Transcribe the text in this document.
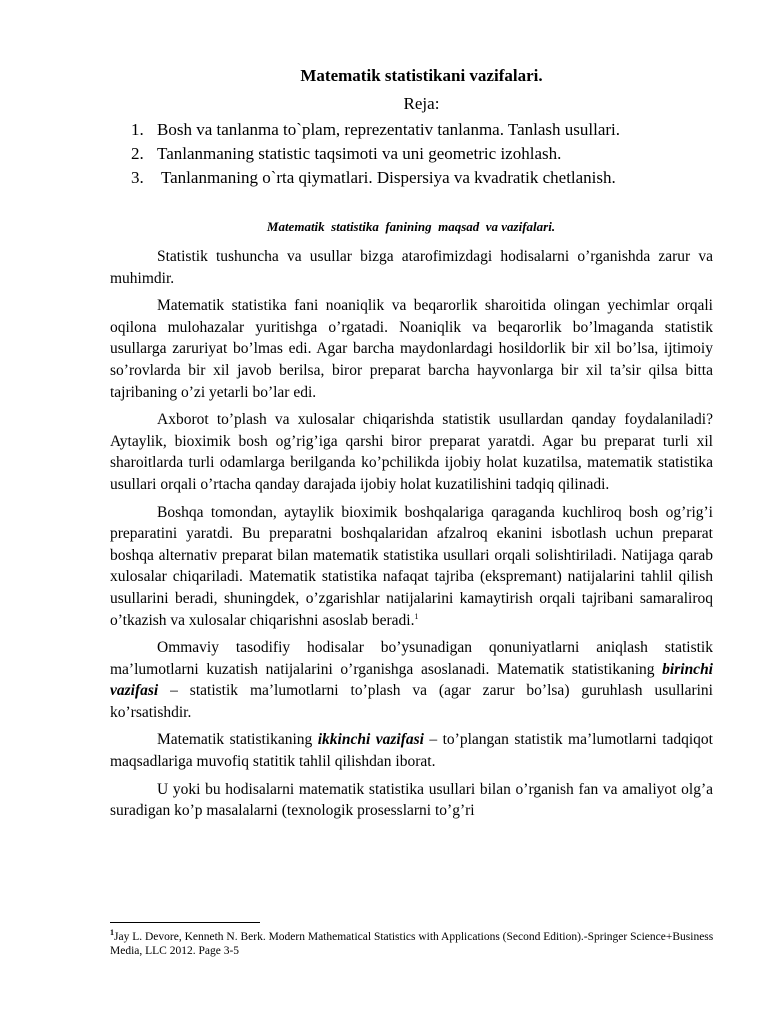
Matematik statistikani vazifalari.
Reja:
1. Bosh va tanlanma to`plam, reprezentativ tanlanma. Tanlash usullari.
2. Tanlanmaning statistic taqsimoti va uni geometric izohlash.
3. Tanlanmaning o`rta qiymatlari. Dispersiya va kvadratik chetlanish.
Matematik  statistika  fanining  maqsad  va vazifalari.

Statistik tushuncha va usullar bizga atarofimizdagi hodisalarni o’rganishda zarur va muhimdir.

Matematik statistika fani noaniqlik va beqarorlik sharoitida olingan yechimlar orqali oqilona mulohazalar yuritishga o’rgatadi. Noaniqlik va beqarorlik bo’lmaganda statistik usullarga zaruriyat bo’lmas edi. Agar barcha maydonlardagi hosildorlik bir xil bo’lsa, ijtimoiy so’rovlarda bir xil javob berilsa, biror preparat barcha hayvonlarga bir xil ta’sir qilsa bitta tajribaning o’zi yetarli bo’lar edi.

Axborot to’plash va xulosalar chiqarishda statistik usullardan qanday foydalaniladi? Aytaylik, bioximik bosh og’rig’iga qarshi biror preparat yaratdi. Agar bu preparat turli xil sharoitlarda turli odamlarga berilganda ko’pchilikda ijobiy holat kuzatilsa, matematik statistika usullari orqali o’rtacha qanday darajada ijobiy holat kuzatilishini tadqiq qilinadi.

Boshqa tomondan, aytaylik bioximik boshqalariga qaraganda kuchliroq bosh og’rig’i preparatini yaratdi. Bu preparatni boshqalaridan afzalroq ekanini isbotlash uchun preparat boshqa alternativ preparat bilan matematik statistika usullari orqali solishtiriladi. Natijaga qarab xulosalar chiqariladi. Matematik statistika nafaqat tajriba (ekspremant) natijalarini tahlil qilish usullarini beradi, shuningdek, o’zgarishlar natijalarini kamaytirish orqali tajribani samaraliroq o’tkazish va xulosalar chiqarishni asoslab beradi.$^1$

Ommaviy tasodifiy hodisalar bo’ysunadigan qonuniyatlarni aniqlash statistik ma’lumotlarni kuzatish natijalarini o’rganishga asoslanadi. Matematik statistikaning birinchi vazifasi – statistik ma’lumotlarni to’plash va (agar zarur bo’lsa) guruhlash usullarini ko’rsatishdir.

Matematik statistikaning ikkinchi vazifasi – to’plangan statistik ma’lumotlarni tadqiqot maqsadlariga muvofiq statitik tahlil qilishdan iborat.

U yoki bu hodisalarni matematik statistika usullari bilan o’rganish fan va amaliyot olg’a suradigan ko’p masalalarni (texnologik prosesslarni to’g’ri

$^1$Jay L. Devore, Kenneth N. Berk. Modern Mathematical Statistics with Applications (Second Edition).-Springer Science+Business Media, LLC 2012. Page 3-5
